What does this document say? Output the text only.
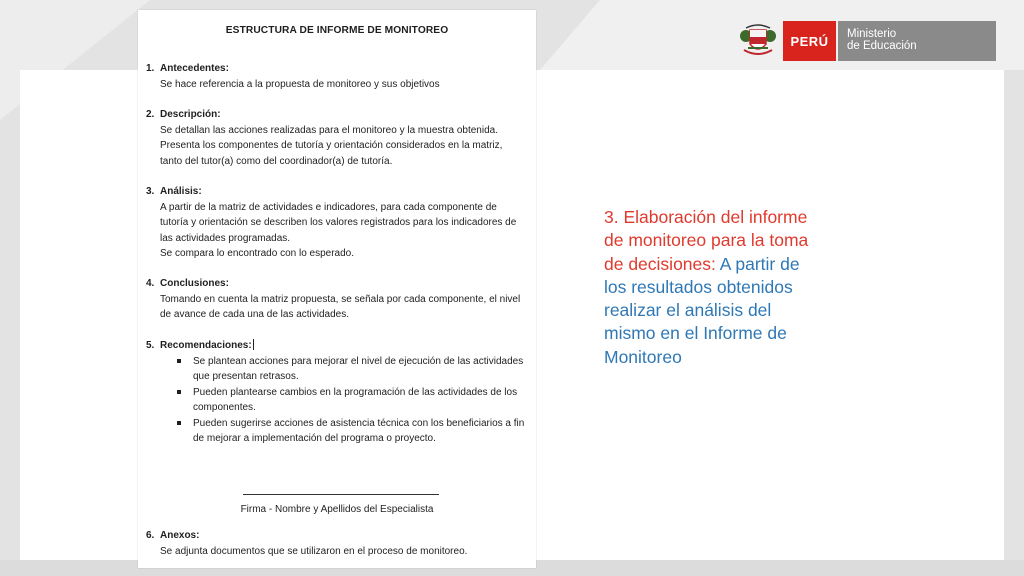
PERÚ	Ministerio
de Educación
ESTRUCTURA DE INFORME DE MONITOREO
1. Antecedentes:
Se hace referencia a la propuesta de monitoreo y sus objetivos
2. Descripción:
Se detallan las acciones realizadas para el monitoreo y la muestra obtenida.
Presenta los componentes de tutoría y orientación considerados en la matriz,
tanto del tutor(a) como del coordinador(a) de tutoría.
3. Análisis:
A partir de la matriz de actividades e indicadores, para cada componente de
tutoría y orientación se describen los valores registrados para los indicadores de
las actividades programadas.
Se compara lo encontrado con lo esperado.
4. Conclusiones:
Tomando en cuenta la matriz propuesta, se señala por cada componente, el nivel
de avance de cada una de las actividades.
5. Recomendaciones:
Se plantean acciones para mejorar el nivel de ejecución de las actividades que presentan retrasos.
Pueden plantearse cambios en la programación de las actividades de los componentes.
Pueden sugerirse acciones de asistencia técnica con los beneficiarios a fin de mejorar a implementación del programa o proyecto.
Firma - Nombre y Apellidos del Especialista
6. Anexos:
Se adjunta documentos que se utilizaron en el proceso de monitoreo.
3. Elaboración del informe de monitoreo para la toma de decisiones: A partir de los resultados obtenidos realizar el análisis del mismo en el Informe de Monitoreo
